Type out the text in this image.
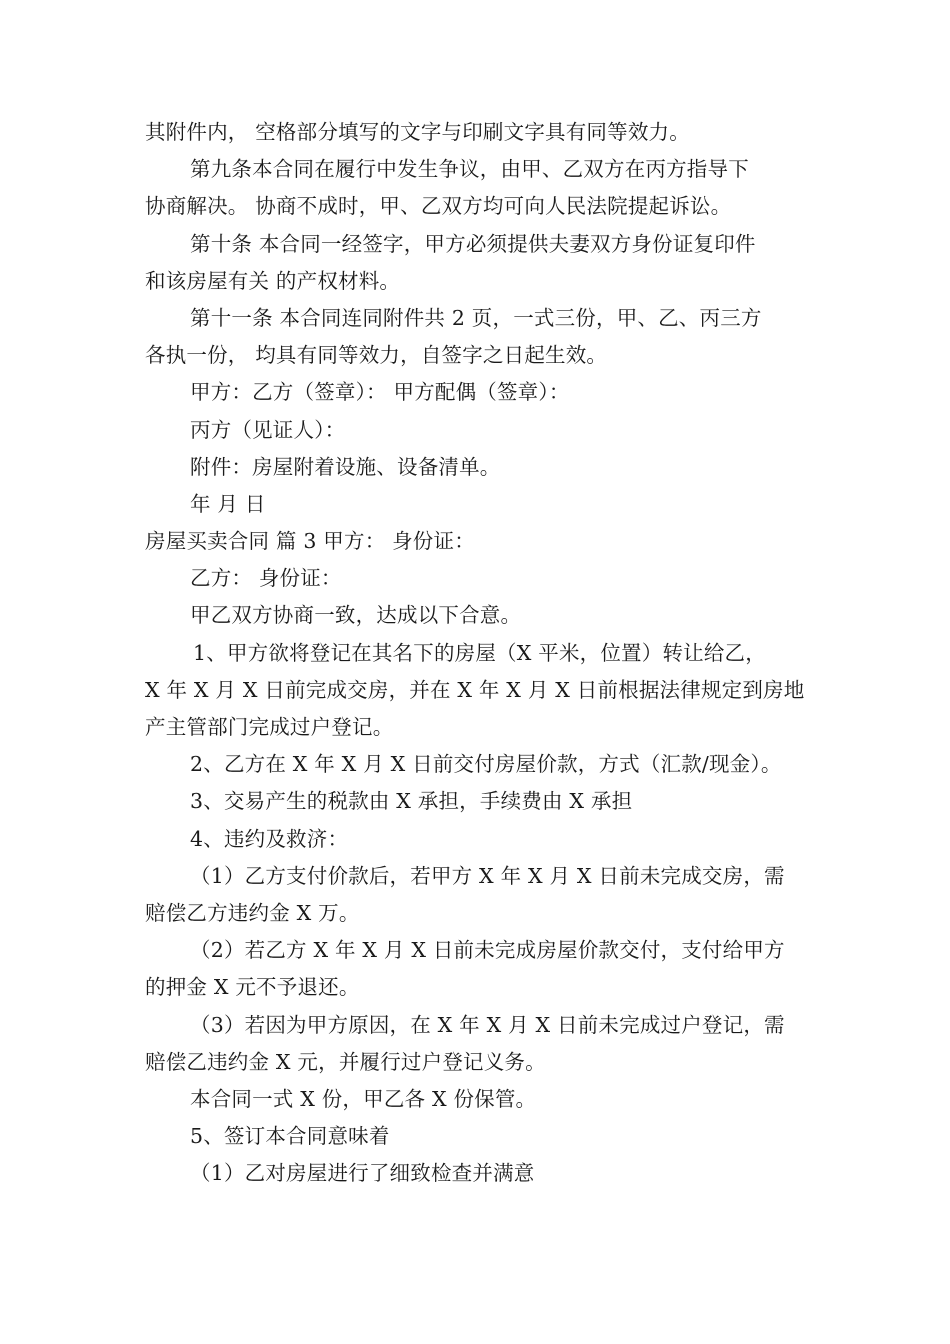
其附件内， 空格部分填写的文字与印刷文字具有同等效力。
第九条本合同在履行中发生争议，由甲、乙双方在丙方指导下
协商解决。 协商不成时，甲、乙双方均可向人民法院提起诉讼。
第十条 本合同一经签字，甲方必须提供夫妻双方身份证复印件
和该房屋有关 的产权材料。
第十一条 本合同连同附件共 2 页，一式三份，甲、乙、丙三方
各执一份， 均具有同等效力，自签字之日起生效。
甲方：乙方（签章）： 甲方配偶（签章）：
丙方（见证人）：
附件：房屋附着设施、设备清单。
年 月 日
房屋买卖合同 篇 3 甲方： 身份证：
乙方： 身份证：
甲乙双方协商一致，达成以下合意。
1、甲方欲将登记在其名下的房屋（X 平米，位置）转让给乙，
X 年 X 月 X 日前完成交房，并在 X 年 X 月 X 日前根据法律规定到房地
产主管部门完成过户登记。
2、乙方在 X 年 X 月 X 日前交付房屋价款，方式（汇款/现金）。
3、交易产生的税款由 X 承担，手续费由 X 承担
4、违约及救济：
（1）乙方支付价款后，若甲方 X 年 X 月 X 日前未完成交房，需
赔偿乙方违约金 X 万。
（2）若乙方 X 年 X 月 X 日前未完成房屋价款交付，支付给甲方
的押金 X 元不予退还。
（3）若因为甲方原因，在 X 年 X 月 X 日前未完成过户登记，需
赔偿乙违约金 X 元，并履行过户登记义务。
本合同一式 X 份，甲乙各 X 份保管。
5、签订本合同意味着
（1）乙对房屋进行了细致检查并满意
